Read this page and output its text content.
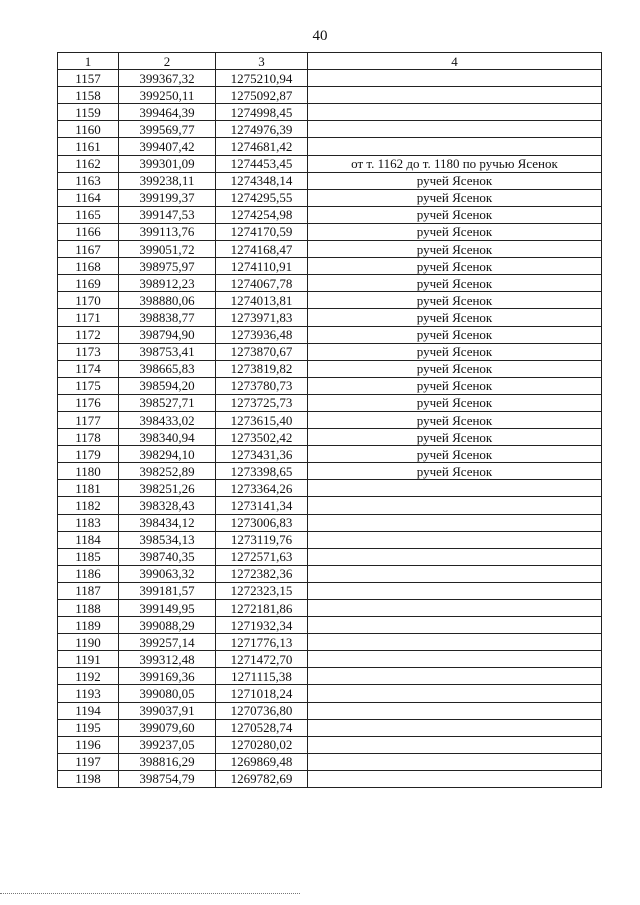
40
1	2	3	4
1157	399367,32	1275210,94	
1158	399250,11	1275092,87	
1159	399464,39	1274998,45	
1160	399569,77	1274976,39	
1161	399407,42	1274681,42	
1162	399301,09	1274453,45	от т. 1162 до т. 1180 по ручью Ясенок
1163	399238,11	1274348,14	ручей Ясенок
1164	399199,37	1274295,55	ручей Ясенок
1165	399147,53	1274254,98	ручей Ясенок
1166	399113,76	1274170,59	ручей Ясенок
1167	399051,72	1274168,47	ручей Ясенок
1168	398975,97	1274110,91	ручей Ясенок
1169	398912,23	1274067,78	ручей Ясенок
1170	398880,06	1274013,81	ручей Ясенок
1171	398838,77	1273971,83	ручей Ясенок
1172	398794,90	1273936,48	ручей Ясенок
1173	398753,41	1273870,67	ручей Ясенок
1174	398665,83	1273819,82	ручей Ясенок
1175	398594,20	1273780,73	ручей Ясенок
1176	398527,71	1273725,73	ручей Ясенок
1177	398433,02	1273615,40	ручей Ясенок
1178	398340,94	1273502,42	ручей Ясенок
1179	398294,10	1273431,36	ручей Ясенок
1180	398252,89	1273398,65	ручей Ясенок
1181	398251,26	1273364,26	
1182	398328,43	1273141,34	
1183	398434,12	1273006,83	
1184	398534,13	1273119,76	
1185	398740,35	1272571,63	
1186	399063,32	1272382,36	
1187	399181,57	1272323,15	
1188	399149,95	1272181,86	
1189	399088,29	1271932,34	
1190	399257,14	1271776,13	
1191	399312,48	1271472,70	
1192	399169,36	1271115,38	
1193	399080,05	1271018,24	
1194	399037,91	1270736,80	
1195	399079,60	1270528,74	
1196	399237,05	1270280,02	
1197	398816,29	1269869,48	
1198	398754,79	1269782,69	
